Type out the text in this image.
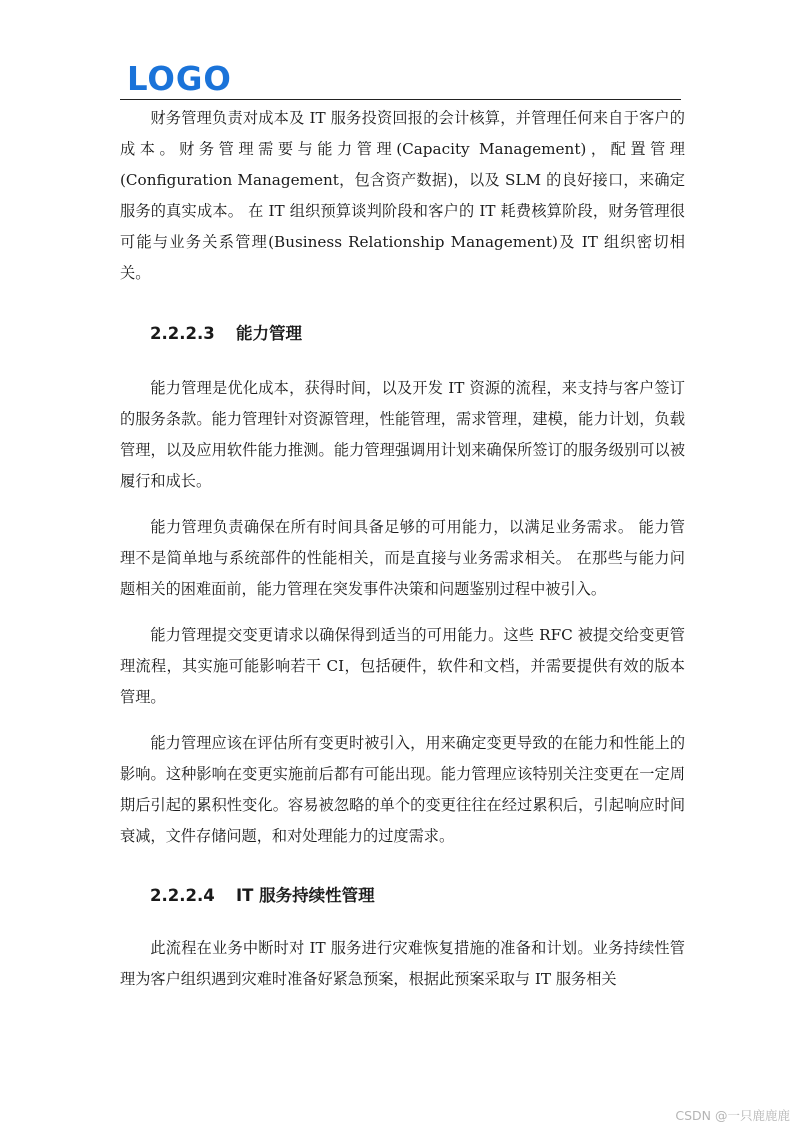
LOGO

财务管理负责对成本及 IT 服务投资回报的会计核算，并管理任何来自于客户的成本。财务管理需要与能力管理(Capacity Management)，配置管理(Configuration Management，包含资产数据)，以及 SLM 的良好接口，来确定服务的真实成本。 在 IT 组织预算谈判阶段和客户的 IT 耗费核算阶段，财务管理很可能与业务关系管理(Business Relationship Management)及 IT 组织密切相关。

2.2.2.3 能力管理

能力管理是优化成本，获得时间，以及开发 IT 资源的流程，来支持与客户签订的服务条款。能力管理针对资源管理，性能管理，需求管理，建模，能力计划，负载管理，以及应用软件能力推测。能力管理强调用计划来确保所签订的服务级别可以被履行和成长。

能力管理负责确保在所有时间具备足够的可用能力，以满足业务需求。 能力管理不是简单地与系统部件的性能相关，而是直接与业务需求相关。 在那些与能力问题相关的困难面前，能力管理在突发事件决策和问题鉴别过程中被引入。

能力管理提交变更请求以确保得到适当的可用能力。这些 RFC 被提交给变更管理流程，其实施可能影响若干 CI，包括硬件，软件和文档，并需要提供有效的版本管理。

能力管理应该在评估所有变更时被引入，用来确定变更导致的在能力和性能上的影响。这种影响在变更实施前后都有可能出现。能力管理应该特别关注变更在一定周期后引起的累积性变化。容易被忽略的单个的变更往往在经过累积后，引起响应时间衰减，文件存储问题，和对处理能力的过度需求。

2.2.2.4 IT 服务持续性管理

此流程在业务中断时对 IT 服务进行灾难恢复措施的准备和计划。业务持续性管理为客户组织遇到灾难时准备好紧急预案，根据此预案采取与 IT 服务相关

CSDN @一只鹿鹿鹿
